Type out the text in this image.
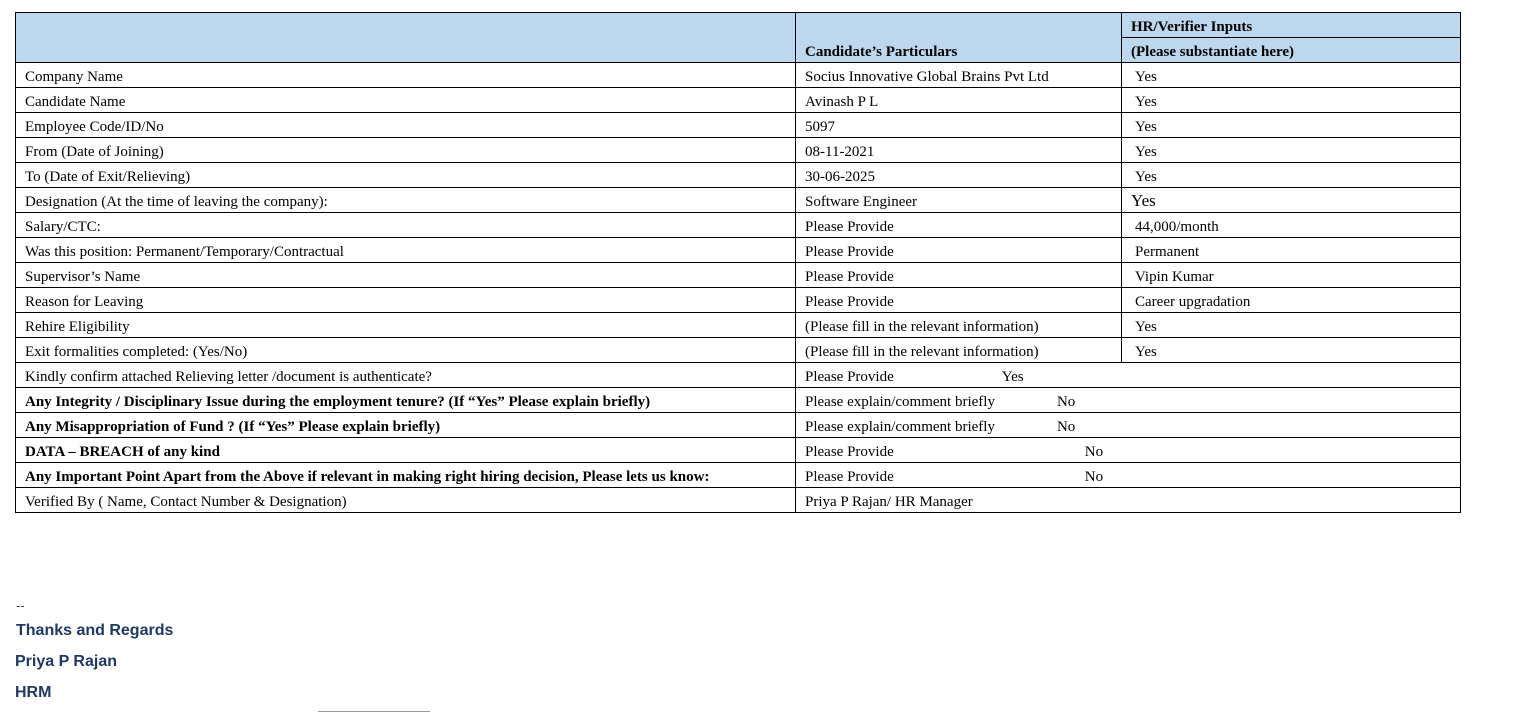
	Candidate’s Particulars	HR/Verifier Inputs
		(Please substantiate here)
Company Name	Socius Innovative Global Brains Pvt Ltd	Yes
Candidate Name	Avinash P L	Yes
Employee Code/ID/No	5097	Yes
From (Date of Joining)	08-11-2021	Yes
To (Date of Exit/Relieving)	30-06-2025	Yes
Designation (At the time of leaving the company):	Software Engineer	Yes
Salary/CTC:	Please Provide	44,000/month
Was this position: Permanent/Temporary/Contractual	Please Provide	Permanent
Supervisor’s Name	Please Provide	Vipin Kumar
Reason for Leaving	Please Provide	Career upgradation
Rehire Eligibility	(Please fill in the relevant information)	Yes
Exit formalities completed: (Yes/No)	(Please fill in the relevant information)	Yes
Kindly confirm attached Relieving letter /document is authenticate?	Please Provide Yes	
Any Integrity / Disciplinary Issue during the employment tenure? (If “Yes” Please explain briefly)	Please explain/comment briefly No	
Any Misappropriation of Fund ? (If “Yes” Please explain briefly)	Please explain/comment briefly No	
DATA – BREACH of any kind	Please Provide No	
Any Important Point Apart from the Above if relevant in making right hiring decision, Please lets us know:	Please Provide No	
Verified By ( Name, Contact Number & Designation)	Priya P Rajan/ HR Manager	
--
Thanks and Regards
Priya P Rajan
HRM
